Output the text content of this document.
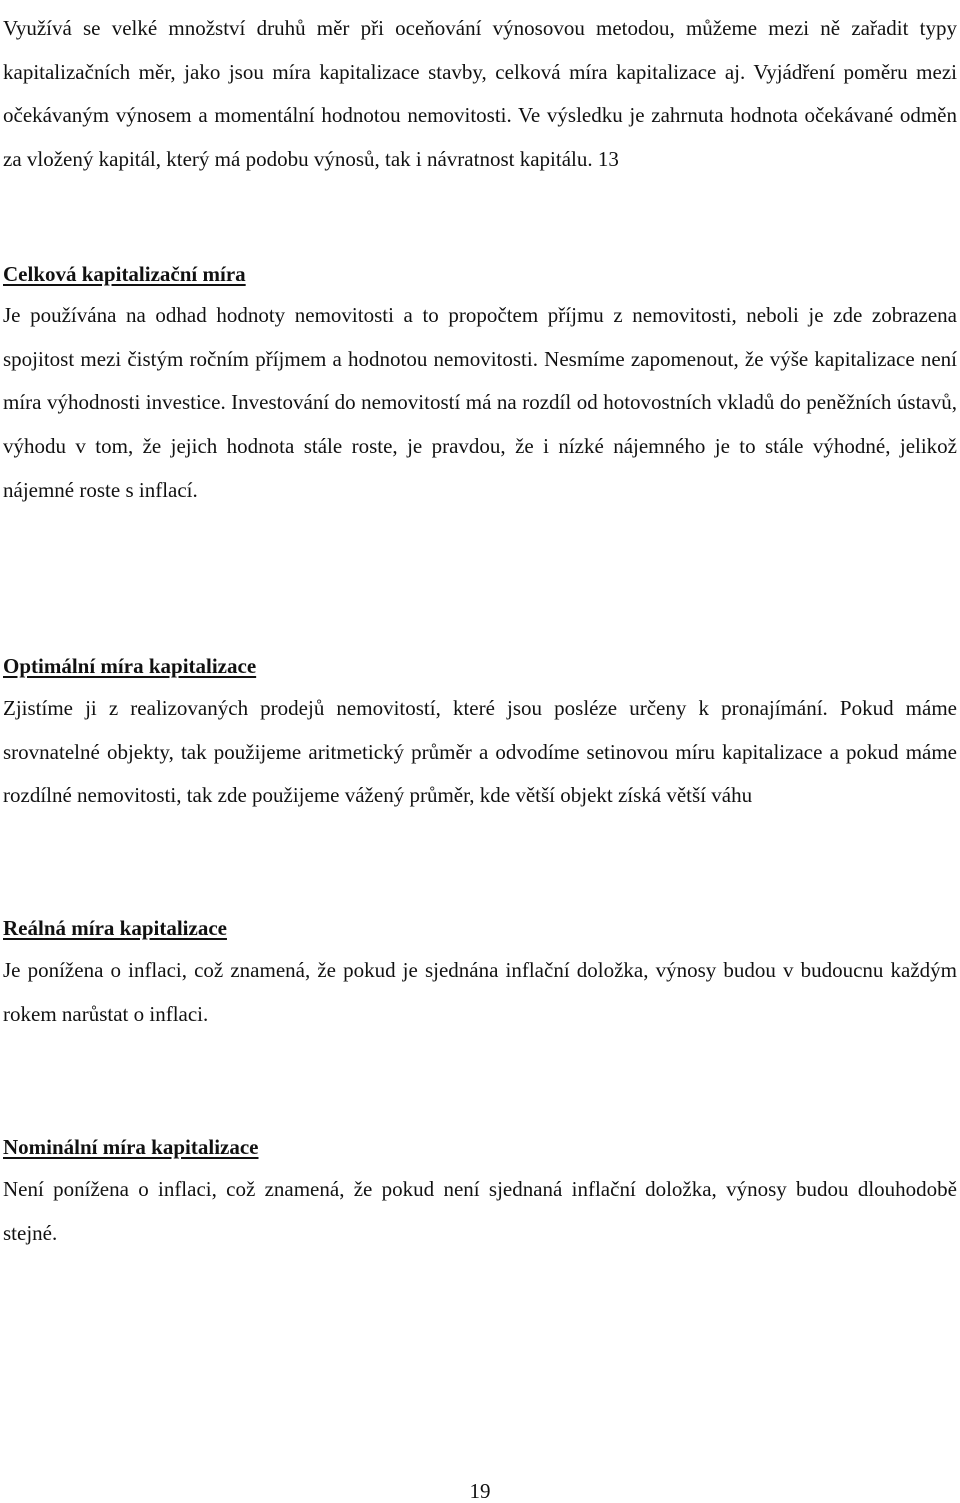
Využívá se velké množství druhů měr při oceňování výnosovou metodou, můžeme mezi ně zařadit typy kapitalizačních měr, jako jsou míra kapitalizace stavby, celková míra kapitalizace aj. Vyjádření poměru mezi očekávaným výnosem a momentální hodnotou nemovitosti. Ve výsledku je zahrnuta hodnota očekávané odměn za vložený kapitál, který má podobu výnosů, tak i návratnost kapitálu. 13

Celková kapitalizační míra

Je používána na odhad hodnoty nemovitosti a to propočtem příjmu z nemovitosti, neboli je zde zobrazena spojitost mezi čistým ročním příjmem a hodnotou nemovitosti. Nesmíme zapomenout, že výše kapitalizace není míra výhodnosti investice. Investování do nemovitostí má na rozdíl od hotovostních vkladů do peněžních ústavů, výhodu v tom, že jejich hodnota stále roste, je pravdou, že i nízké nájemného je to stále výhodné, jelikož nájemné roste s inflací.

Optimální míra kapitalizace

Zjistíme ji z realizovaných prodejů nemovitostí, které jsou posléze určeny k pronajímání. Pokud máme srovnatelné objekty, tak použijeme aritmetický průměr a odvodíme setinovou míru kapitalizace a pokud máme rozdílné nemovitosti, tak zde použijeme vážený průměr, kde větší objekt získá větší váhu

Reálná míra kapitalizace

Je ponížena o inflaci, což znamená, že pokud je sjednána inflační doložka, výnosy budou v budoucnu každým rokem narůstat o inflaci.

Nominální míra kapitalizace

Není ponížena o inflaci, což znamená, že pokud není sjednaná inflační doložka, výnosy budou dlouhodobě stejné.

19
